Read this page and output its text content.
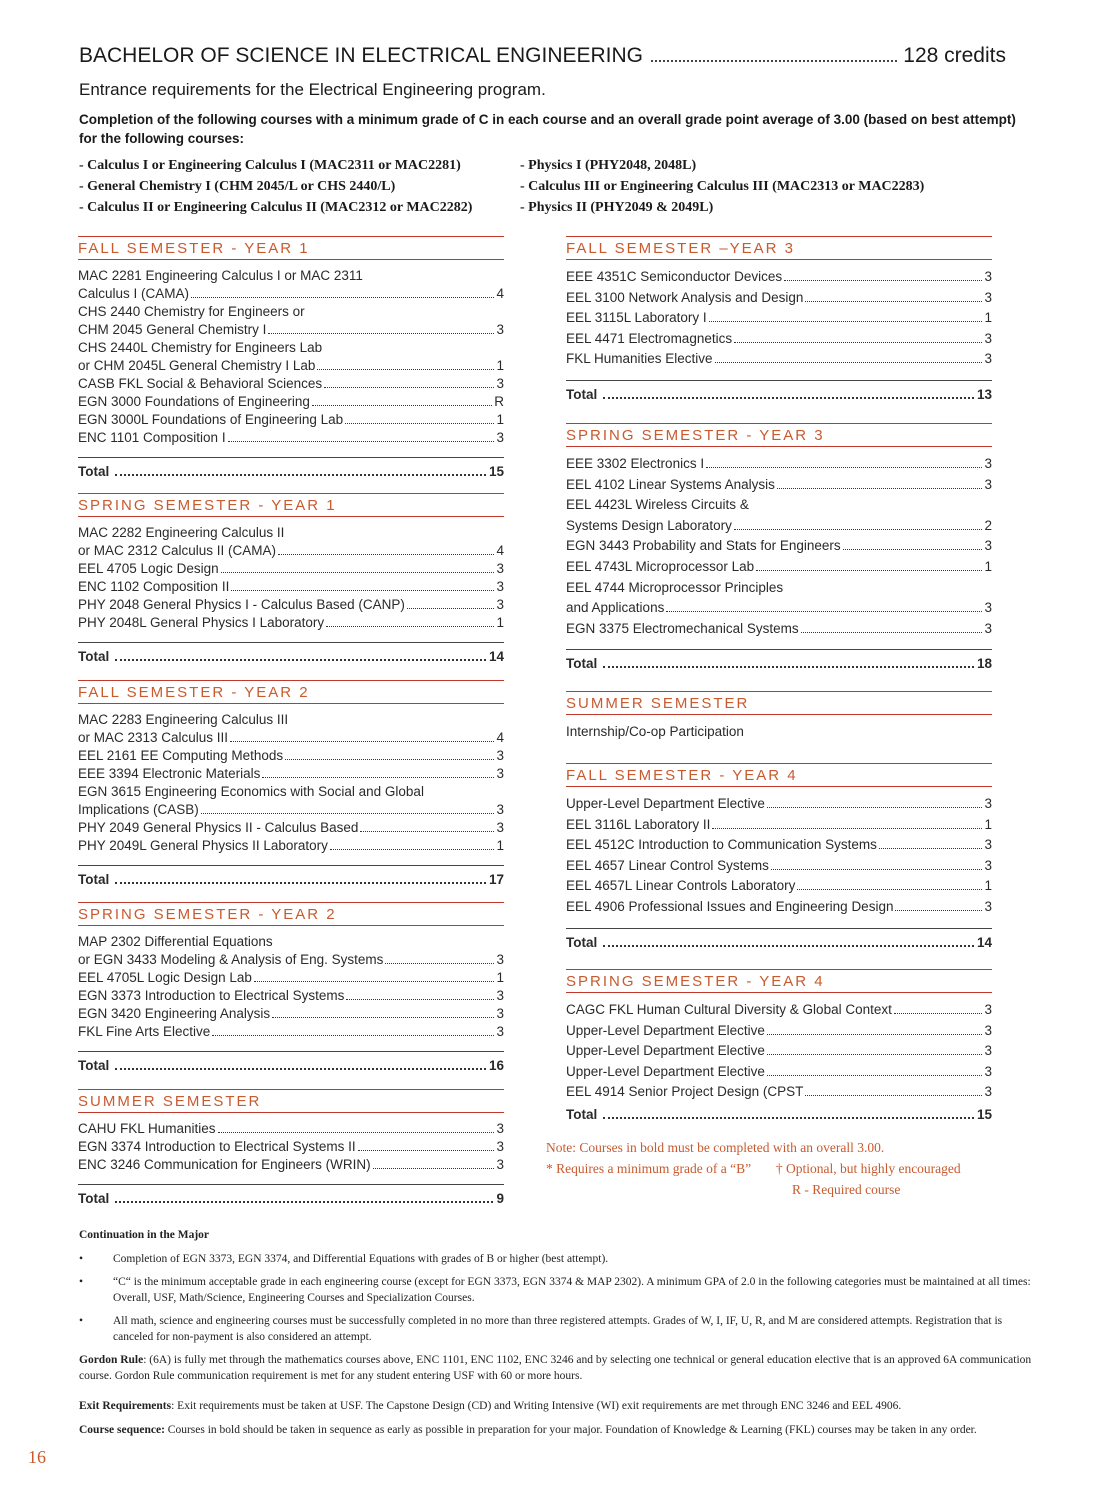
BACHELOR OF SCIENCE IN ELECTRICAL ENGINEERING	128 credits
Entrance requirements for the Electrical Engineering program.
Completion of the following courses with a minimum grade of C in each course and an overall grade point average of 3.00 (based on best attempt) for the following courses:
- Calculus I or Engineering Calculus I (MAC2311 or MAC2281)
- General Chemistry I (CHM 2045/L or CHS 2440/L)
- Calculus II or Engineering Calculus II (MAC2312 or MAC2282)
- Physics I (PHY2048, 2048L)
- Calculus III or Engineering Calculus III (MAC2313 or MAC2283)
- Physics II (PHY2049 & 2049L)
FALL SEMESTER - YEAR 1
MAC 2281 Engineering Calculus I or MAC 2311
Calculus I (CAMA)	4
CHS 2440 Chemistry for Engineers or
CHM 2045 General Chemistry I	3
CHS 2440L Chemistry for Engineers Lab
or CHM 2045L General Chemistry I Lab	1
CASB FKL Social & Behavioral Sciences	3
EGN 3000 Foundations of Engineering	R
EGN 3000L Foundations of Engineering Lab	1
ENC 1101 Composition I	3
Total	15
SPRING SEMESTER - YEAR 1
MAC 2282 Engineering Calculus II
or MAC 2312 Calculus II (CAMA)	4
EEL 4705 Logic Design	3
ENC 1102 Composition II	3
PHY 2048 General Physics I - Calculus Based (CANP)	3
PHY 2048L General Physics I Laboratory	1
Total	14
FALL SEMESTER - YEAR 2
MAC 2283 Engineering Calculus III
or MAC 2313 Calculus III	4
EEL 2161 EE Computing Methods	3
EEE 3394 Electronic Materials	3
EGN 3615 Engineering Economics with Social and Global
Implications (CASB)	3
PHY 2049 General Physics II - Calculus Based	3
PHY 2049L General Physics II Laboratory	1
Total	17
SPRING SEMESTER - YEAR 2
MAP 2302 Differential Equations
or EGN 3433 Modeling & Analysis of Eng. Systems	3
EEL 4705L Logic Design Lab	1
EGN 3373 Introduction to Electrical Systems	3
EGN 3420 Engineering Analysis	3
FKL Fine Arts Elective	3
Total	16
SUMMER SEMESTER
CAHU FKL Humanities	3
EGN 3374 Introduction to Electrical Systems II	3
ENC 3246 Communication for Engineers (WRIN)	3
Total	9
FALL SEMESTER –YEAR 3
EEE 4351C Semiconductor Devices	3
EEL 3100 Network Analysis and Design	3
EEL 3115L Laboratory I	1
EEL 4471 Electromagnetics	3
FKL Humanities Elective	3
Total	13
SPRING SEMESTER - YEAR 3
EEE 3302 Electronics I	3
EEL 4102 Linear Systems Analysis	3
EEL 4423L Wireless Circuits &
Systems Design Laboratory	2
EGN 3443 Probability and Stats for Engineers	3
EEL 4743L Microprocessor Lab	1
EEL 4744 Microprocessor Principles
and Applications	3
EGN 3375 Electromechanical Systems	3
Total	18
SUMMER SEMESTER
Internship/Co-op Participation
FALL SEMESTER - YEAR 4
Upper-Level Department Elective	3
EEL 3116L Laboratory II	1
EEL 4512C Introduction to Communication Systems	3
EEL 4657 Linear Control Systems	3
EEL 4657L Linear Controls Laboratory	1
EEL 4906 Professional Issues and Engineering Design	3
Total	14
SPRING SEMESTER - YEAR 4
CAGC FKL Human Cultural Diversity & Global Context	3
Upper-Level Department Elective	3
Upper-Level Department Elective	3
Upper-Level Department Elective	3
EEL 4914 Senior Project Design (CPST	3
Total	15
Note: Courses in bold must be completed with an overall 3.00.
* Requires a minimum grade of a “B” † Optional, but highly encouraged
R - Required course
Continuation in the Major
•	Completion of EGN 3373, EGN 3374, and Differential Equations with grades of B or higher (best attempt).
•	“C“ is the minimum acceptable grade in each engineering course (except for EGN 3373, EGN 3374 & MAP 2302). A minimum GPA of 2.0 in the following categories must be maintained at all times: Overall, USF, Math/Science, Engineering Courses and Specialization Courses.
•	All math, science and engineering courses must be successfully completed in no more than three registered attempts. Grades of W, I, IF, U, R, and M are considered attempts. Registration that is canceled for non-payment is also considered an attempt.
Gordon Rule: (6A) is fully met through the mathematics courses above, ENC 1101, ENC 1102, ENC 3246 and by selecting one technical or general education elective that is an approved 6A communication course. Gordon Rule communication requirement is met for any student entering USF with 60 or more hours.
Exit Requirements: Exit requirements must be taken at USF. The Capstone Design (CD) and Writing Intensive (WI) exit requirements are met through ENC 3246 and EEL 4906.
Course sequence: Courses in bold should be taken in sequence as early as possible in preparation for your major. Foundation of Knowledge & Learning (FKL) courses may be taken in any order.
16
